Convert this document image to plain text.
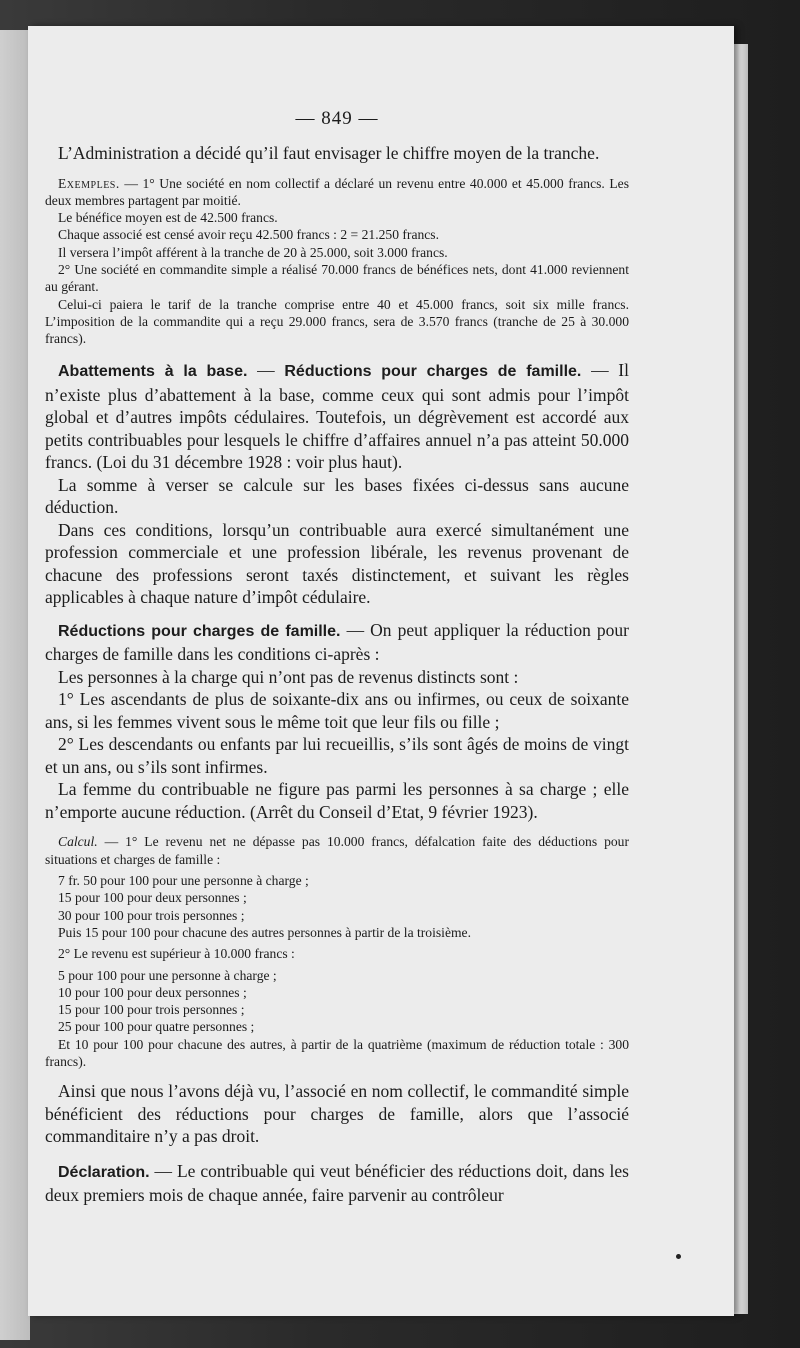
— 849 —

L’Administration a décidé qu’il faut envisager le chiffre moyen de la tranche.

Exemples. — 1° Une société en nom collectif a déclaré un revenu entre 40.000 et 45.000 francs. Les deux membres partagent par moitié.

Le bénéfice moyen est de 42.500 francs.

Chaque associé est censé avoir reçu 42.500 francs : 2 = 21.250 francs.

Il versera l’impôt afférent à la tranche de 20 à 25.000, soit 3.000 francs.

2° Une société en commandite simple a réalisé 70.000 francs de bénéfices nets, dont 41.000 reviennent au gérant.

Celui-ci paiera le tarif de la tranche comprise entre 40 et 45.000 francs, soit six mille francs. L’imposition de la commandite qui a reçu 29.000 francs, sera de 3.570 francs (tranche de 25 à 30.000 francs).

Abattements à la base. — Réductions pour charges de famille. — Il n’existe plus d’abattement à la base, comme ceux qui sont admis pour l’impôt global et d’autres impôts cédulaires. Toutefois, un dégrèvement est accordé aux petits contribuables pour lesquels le chiffre d’affaires annuel n’a pas atteint 50.000 francs. (Loi du 31 décembre 1928 : voir plus haut).

La somme à verser se calcule sur les bases fixées ci-dessus sans aucune déduction.

Dans ces conditions, lorsqu’un contribuable aura exercé simultanément une profession commerciale et une profession libérale, les revenus provenant de chacune des professions seront taxés distinctement, et suivant les règles applicables à chaque nature d’impôt cédulaire.

Réductions pour charges de famille. — On peut appliquer la réduction pour charges de famille dans les conditions ci-après :

Les personnes à la charge qui n’ont pas de revenus distincts sont :

1° Les ascendants de plus de soixante-dix ans ou infirmes, ou ceux de soixante ans, si les femmes vivent sous le même toit que leur fils ou fille ;

2° Les descendants ou enfants par lui recueillis, s’ils sont âgés de moins de vingt et un ans, ou s’ils sont infirmes.

La femme du contribuable ne figure pas parmi les personnes à sa charge ; elle n’emporte aucune réduction. (Arrêt du Conseil d’Etat, 9 février 1923).

Calcul. — 1° Le revenu net ne dépasse pas 10.000 francs, défalcation faite des déductions pour situations et charges de famille :

7 fr. 50 pour 100 pour une personne à charge ;

15 pour 100 pour deux personnes ;

30 pour 100 pour trois personnes ;

Puis 15 pour 100 pour chacune des autres personnes à partir de la troisième.

2° Le revenu est supérieur à 10.000 francs :

5 pour 100 pour une personne à charge ;

10 pour 100 pour deux personnes ;

15 pour 100 pour trois personnes ;

25 pour 100 pour quatre personnes ;

Et 10 pour 100 pour chacune des autres, à partir de la quatrième (maximum de réduction totale : 300 francs).

Ainsi que nous l’avons déjà vu, l’associé en nom collectif, le commandité simple bénéficient des réductions pour charges de famille, alors que l’associé commanditaire n’y a pas droit.

Déclaration. — Le contribuable qui veut bénéficier des réductions doit, dans les deux premiers mois de chaque année, faire parvenir au contrôleur
